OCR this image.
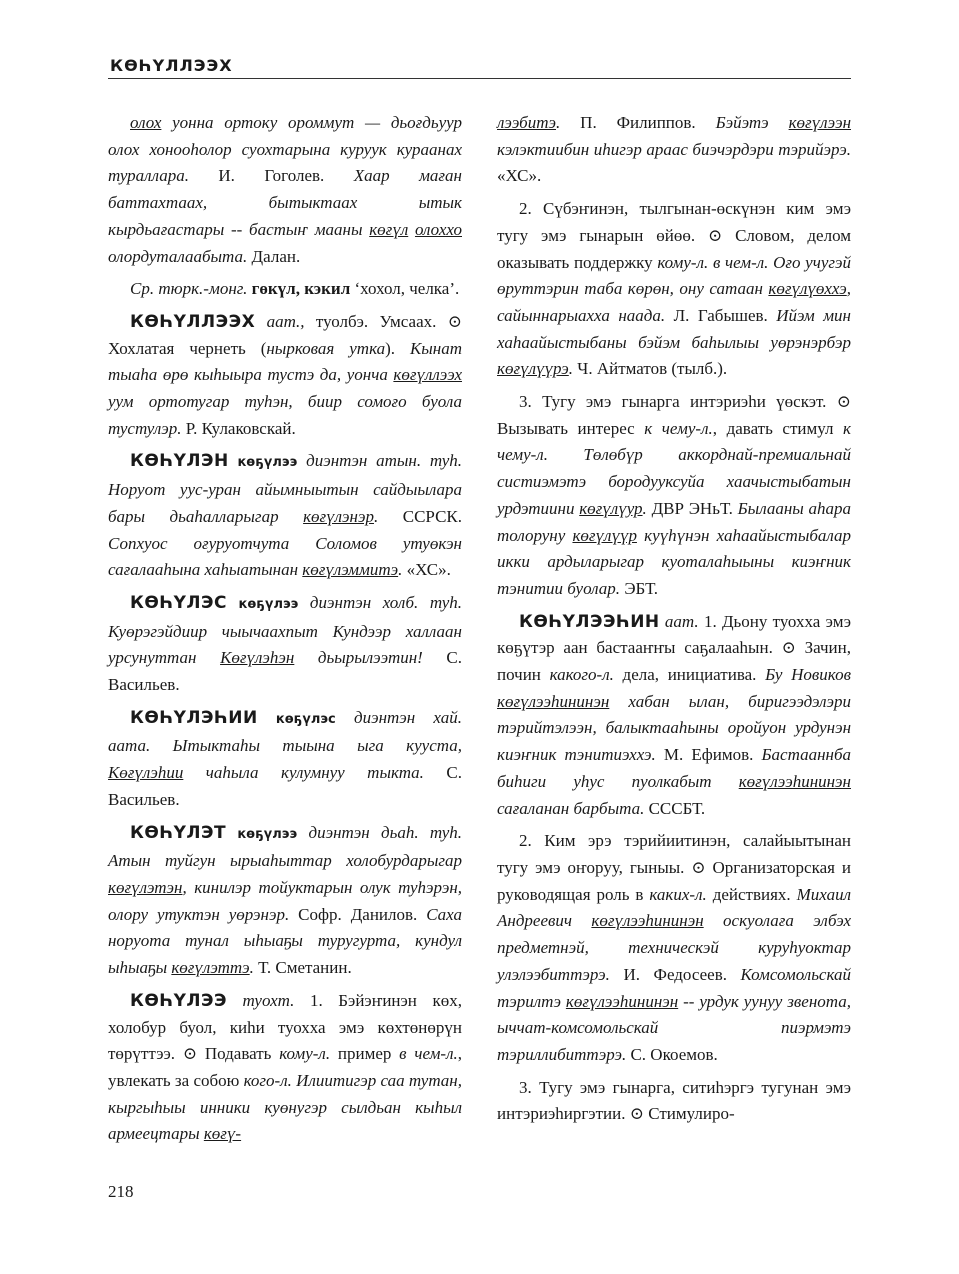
КӨҺҮЛЛЭЭХ

олох уонна ортоку ороммут — дьоғдьуур олох хонооһолор суохтарына куруук кураанах туралларa. И. Гоголев. Хаар маған баттахтаах, бытыктаах ытык кырдьағастары -- бастыҥ мааны көғүл олоххо олордуталаабыта. Далан.

Ср. тюрк.-монг. гөкүл, кэкил ‘хохол, челка’.

КӨҺҮЛЛЭЭХ аат., туолбэ. Умсаах. ⊙ Хохлатая чернеть (нырковая утка). Кынат тыаһа өрө кыһыыра тустэ да, уонча көғүллээх уум ортотугар туһэн, биир сомоғо буола тустулэр. Р. Кулаковскай.

КӨҺҮЛЭН көҕүлээ диэнтэн атын. туһ. Норуот уус-уран айымныытын сайдыылара бары дьаһалларыгар көғүлэнэр. ССРСК. Сопхуос оғуруотчута Соломов утуөкэн сағалааһына хаһыатынан көғүлэммитэ. «ХС».

КӨҺҮЛЭС көҕүлээ диэнтэн холб. туһ. Куөрэгэйдиир чыычаахпыт Кундээр халлаан урсунуттан Көғүлэһэн дьырылээтин! С. Васильев.

КӨҺҮЛЭҺИИ көҕүлэс диэнтэн хай. аата. Ытыктаһы тыына ыга кууста, Көғүлэһии чаһыла кулумнуу тыкта. С. Васильев.

КӨҺҮЛЭТ көҕүлээ диэнтэн дьаһ. туһ. Атын туйгун ырыаһыттар холобурдарыгар көғүлэтэн, кинилэр тойуктарын олук туһэрэн, олору утуктэн уөрэнэр. Софр. Данилов. Саха норуота тунал ыһыаҕы туругурта, кундул ыһыаҕы көғүлэттэ. Т. Сметанин.

КӨҺҮЛЭЭ туохт. 1. Бэйэҥинэн көх, холобур буол, киһи туохха эмэ көхтөнөрүн төрүттээ. ⊙ Подавать кому-л. пример в чем-л., увлекать за собою кого-л. Илиитигэр саа тутан, кыргыһыы инники куөнугэр сылдьан кыһыл армеецтары көғү-

лээбитэ. П. Филиппов. Бэйэтэ көғүлээн кэлэктиибин иһигэр араас биэчэрдэри тэрийэрэ. «ХС».

2. Сүбэҥинэн, тылгынан-өскүнэн ким эмэ тугу эмэ гынарын өйөө. ⊙ Словом, делом оказывать поддержку кому-л. в чем-л. Оғо учугэй өруттэрин таба көрөн, ону сатаан көғүлүөххэ, сайыннарыахха наада. Л. Габышев. Ийэм мин хаһаайыстыбаны бэйэм баһылыы уөрэнэрбэр көғүлүүрэ. Ч. Айтматов (тылб.).

3. Тугу эмэ гынарга интэриэһи үөскэт. ⊙ Вызывать интерес к чему-л., давать стимул к чему-л. Төлөбүр аккорднай-премиальнай систиэмэтэ бородууксуйа хаачыстыбатын урдэтиини көғүлүур. ДВР ЭНьТ. Былааны аһара толоруну көғүлүүр куүһүнэн хаһаайыстыбалар икки ардыларыгар куоталаһыыны киэҥник тэнитии буолар. ЭБТ.

КӨҺҮЛЭЭҺИН аат. 1. Дьону туохха эмэ көҕүтэр аан бастааҥҥы саҕалааһын. ⊙ Зачин, почин какого-л. дела, инициатива. Бу Новиков көғүлээһининэн хабан ылан, биригээдэлэри тэрийтэлээн, балыктааһыны оройуон урдунэн киэҥник тэнитиэххэ. М. Ефимов. Бастааннба биһиги уһус пуолкабыт көғүлээһининэн сағаланан барбыта. СССБТ.

2. Ким эрэ тэрийиитинэн, салайыытынан тугу эмэ оҥоруу, гыныы. ⊙ Организаторская и руководящая роль в каких-л. действиях. Михаил Андреевич көғүлээһининэн оскуолаға элбэх предметнэй, техническэй куруһуоктар улэлээбиттэрэ. И. Федосеев. Комсомольскай тэрилтэ көғүлээһининэн -- урдук уунуу звенота, ыччат-комсомольскай пиэрмэтэ тэриллибиттэрэ. С. Окоемов.

3. Тугу эмэ гынарга, ситиһэргэ тугунан эмэ интэриэһиргэтии. ⊙ Стимулиро-

218
